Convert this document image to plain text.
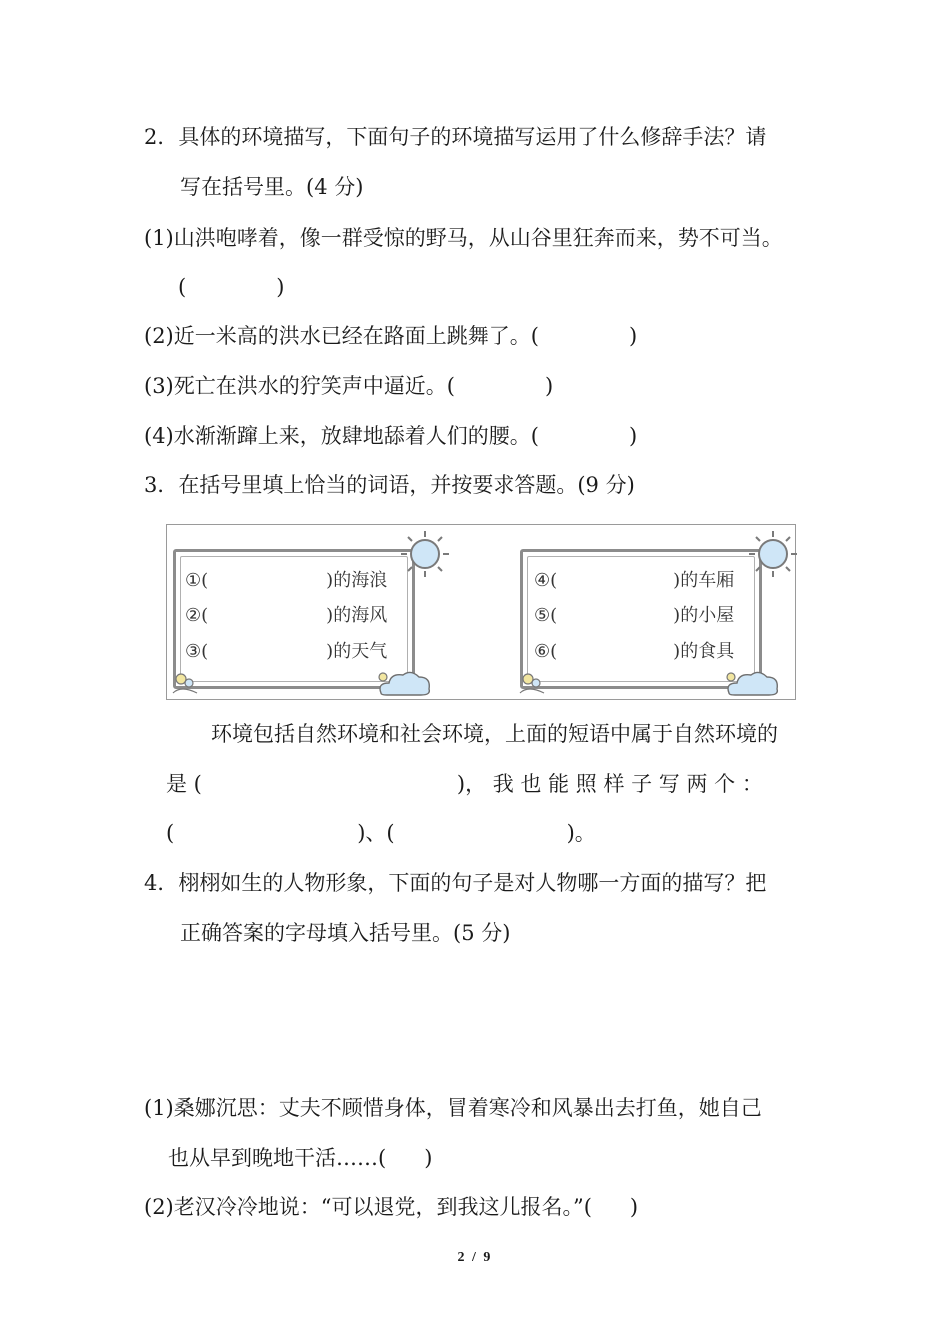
2．具体的环境描写，下面句子的环境描写运用了什么修辞手法？请
写在括号里。(4 分)
(1)山洪咆哮着，像一群受惊的野马，从山谷里狂奔而来，势不可当。
(	)
(2)近一米高的洪水已经在路面上跳舞了。(	)
(3)死亡在洪水的狞笑声中逼近。(	)
(4)水渐渐蹿上来，放肆地舔着人们的腰。(	)
3．在括号里填上恰当的词语，并按要求答题。(9 分)
①(	)的海浪
②(	)的海风
③(	)的天气
④(	)的车厢
⑤(	)的小屋
⑥(	)的食具
环境包括自然环境和社会环境，上面的短语中属于自然环境的
是 (	)， 我 也 能 照 样 子 写 两 个 ：
(	)、(	)。
4．栩栩如生的人物形象，下面的句子是对人物哪一方面的描写？把
正确答案的字母填入括号里。(5 分)
(1)桑娜沉思：丈夫不顾惜身体，冒着寒冷和风暴出去打鱼，她自己
也从早到晚地干活……( )
(2)老汉冷冷地说：“可以退党，到我这儿报名。”( )
2 / 9
